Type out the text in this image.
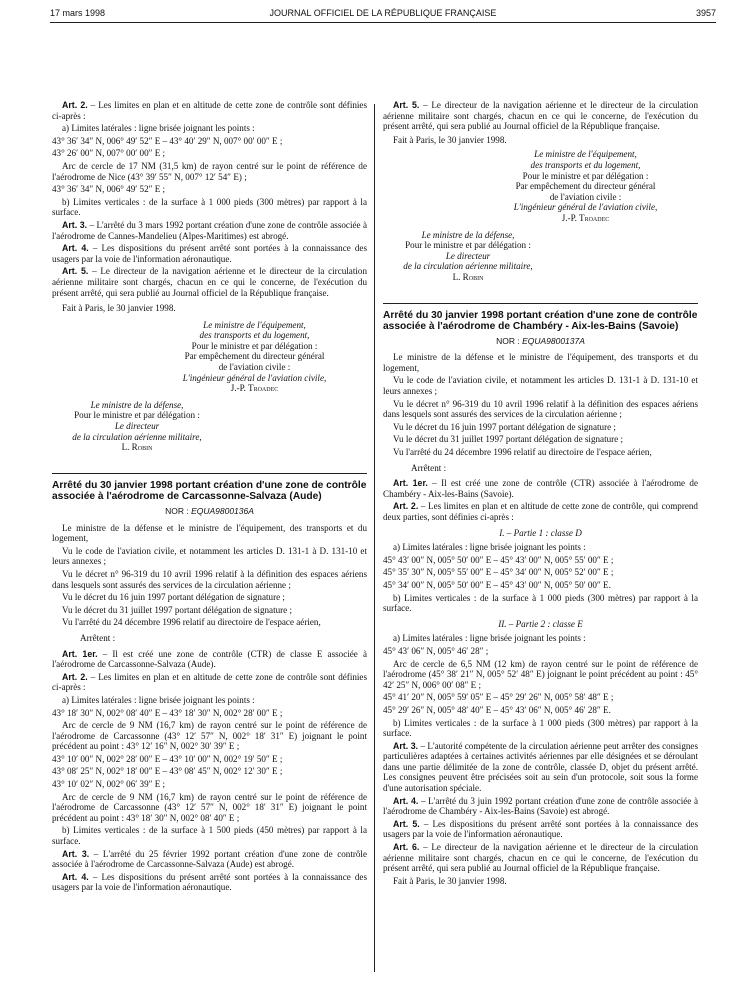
17 mars 1998	JOURNAL OFFICIEL DE LA RÉPUBLIQUE FRANÇAISE	3957

Art. 2. – Les limites en plan et en altitude de cette zone de contrôle sont définies ci-après :

a) Limites latérales : ligne brisée joignant les points :

43° 36′ 34″ N, 006° 49′ 52″ E – 43° 40′ 29″ N, 007° 00′ 00″ E ;

43° 26′ 00″ N, 007° 00′ 00″ E ;

Arc de cercle de 17 NM (31,5 km) de rayon centré sur le point de référence de l'aérodrome de Nice (43° 39′ 55″ N, 007° 12′ 54″ E) ;

43° 36′ 34″ N, 006° 49′ 52″ E ;

b) Limites verticales : de la surface à 1 000 pieds (300 mètres) par rapport à la surface.

Art. 3. – L'arrêté du 3 mars 1992 portant création d'une zone de contrôle associée à l'aérodrome de Cannes-Mandelieu (Alpes-Maritimes) est abrogé.

Art. 4. – Les dispositions du présent arrêté sont portées à la connaissance des usagers par la voie de l'information aéronautique.

Art. 5. – Le directeur de la navigation aérienne et le directeur de la circulation aérienne militaire sont chargés, chacun en ce qui le concerne, de l'exécution du présent arrêté, qui sera publié au Journal officiel de la République française.

Fait à Paris, le 30 janvier 1998.

Le ministre de l'équipement,
des transports et du logement,
Pour le ministre et par délégation :
Par empêchement du directeur général
de l'aviation civile :
L'ingénieur général de l'aviation civile,
J.-P. Troadec
Le ministre de la défense,
Pour le ministre et par délégation :
Le directeur
de la circulation aérienne militaire,
L. Robin
Arrêté du 30 janvier 1998 portant création d'une zone de contrôle associée à l'aérodrome de Carcassonne-Salvaza (Aude)
NOR : EQUA9800136A

Le ministre de la défense et le ministre de l'équipement, des transports et du logement,

Vu le code de l'aviation civile, et notamment les articles D. 131-1 à D. 131-10 et leurs annexes ;

Vu le décret n° 96-319 du 10 avril 1996 relatif à la définition des espaces aériens dans lesquels sont assurés des services de la circulation aérienne ;

Vu le décret du 16 juin 1997 portant délégation de signature ;

Vu le décret du 31 juillet 1997 portant délégation de signature ;

Vu l'arrêté du 24 décembre 1996 relatif au directoire de l'espace aérien,

Arrêtent :

Art. 1er. – Il est créé une zone de contrôle (CTR) de classe E associée à l'aérodrome de Carcassonne-Salvaza (Aude).

Art. 2. – Les limites en plan et en altitude de cette zone de contrôle sont définies ci-après :

a) Limites latérales : ligne brisée joignant les points :

43° 18′ 30″ N, 002° 08′ 40″ E – 43° 18′ 30″ N, 002° 28′ 00″ E ;

Arc de cercle de 9 NM (16,7 km) de rayon centré sur le point de référence de l'aérodrome de Carcassonne (43° 12′ 57″ N, 002° 18′ 31″ E) joignant le point précédent au point : 43° 12′ 16″ N, 002° 30′ 39″ E ;

43° 10′ 00″ N, 002° 28′ 00″ E – 43° 10′ 00″ N, 002° 19′ 50″ E ;

43° 08′ 25″ N, 002° 18′ 00″ E – 43° 08′ 45″ N, 002° 12′ 30″ E ;

43° 10′ 02″ N, 002° 06′ 39″ E ;

Arc de cercle de 9 NM (16,7 km) de rayon centré sur le point de référence de l'aérodrome de Carcassonne (43° 12′ 57″ N, 002° 18′ 31″ E) joignant le point précédent au point : 43° 18′ 30″ N, 002° 08′ 40″ E ;

b) Limites verticales : de la surface à 1 500 pieds (450 mètres) par rapport à la surface.

Art. 3. – L'arrêté du 25 février 1992 portant création d'une zone de contrôle associée à l'aérodrome de Carcassonne-Salvaza (Aude) est abrogé.

Art. 4. – Les dispositions du présent arrêté sont portées à la connaissance des usagers par la voie de l'information aéronautique.

Art. 5. – Le directeur de la navigation aérienne et le directeur de la circulation aérienne militaire sont chargés, chacun en ce qui le concerne, de l'exécution du présent arrêté, qui sera publié au Journal officiel de la République française.

Fait à Paris, le 30 janvier 1998.

Le ministre de l'équipement,
des transports et du logement,
Pour le ministre et par délégation :
Par empêchement du directeur général
de l'aviation civile :
L'ingénieur général de l'aviation civile,
J.-P. Troadec
Le ministre de la défense,
Pour le ministre et par délégation :
Le directeur
de la circulation aérienne militaire,
L. Robin
Arrêté du 30 janvier 1998 portant création d'une zone de contrôle associée à l'aérodrome de Chambéry - Aix-les-Bains (Savoie)
NOR : EQUA9800137A

Le ministre de la défense et le ministre de l'équipement, des transports et du logement,

Vu le code de l'aviation civile, et notamment les articles D. 131-1 à D. 131-10 et leurs annexes ;

Vu le décret n° 96-319 du 10 avril 1996 relatif à la définition des espaces aériens dans lesquels sont assurés des services de la circulation aérienne ;

Vu le décret du 16 juin 1997 portant délégation de signature ;

Vu le décret du 31 juillet 1997 portant délégation de signature ;

Vu l'arrêté du 24 décembre 1996 relatif au directoire de l'espace aérien,

Arrêtent :

Art. 1er. – Il est créé une zone de contrôle (CTR) associée à l'aérodrome de Chambéry - Aix-les-Bains (Savoie).

Art. 2. – Les limites en plan et en altitude de cette zone de contrôle, qui comprend deux parties, sont définies ci-après :

I. – Partie 1 : classe D

a) Limites latérales : ligne brisée joignant les points :

45° 43′ 00″ N, 005° 50′ 00″ E – 45° 43′ 00″ N, 005° 55′ 00″ E ;

45° 35′ 30″ N, 005° 55′ 00″ E – 45° 34′ 00″ N, 005° 52′ 00″ E ;

45° 34′ 00″ N, 005° 50′ 00″ E – 45° 43′ 00″ N, 005° 50′ 00″ E.

b) Limites verticales : de la surface à 1 000 pieds (300 mètres) par rapport à la surface.

II. – Partie 2 : classe E

a) Limites latérales : ligne brisée joignant les points :

45° 43′ 06″ N, 005° 46′ 28″ ;

Arc de cercle de 6,5 NM (12 km) de rayon centré sur le point de référence de l'aérodrome (45° 38′ 21″ N, 005° 52′ 48″ E) joignant le point précédent au point : 45° 42′ 25″ N, 006° 00′ 08″ E ;

45° 41′ 20″ N, 005° 59′ 05″ E – 45° 29′ 26″ N, 005° 58′ 48″ E ;

45° 29′ 26″ N, 005° 48′ 40″ E – 45° 43′ 06″ N, 005° 46′ 28″ E.

b) Limites verticales : de la surface à 1 000 pieds (300 mètres) par rapport à la surface.

Art. 3. – L'autorité compétente de la circulation aérienne peut arrêter des consignes particulières adaptées à certaines activités aériennes par elle désignées et se déroulant dans une partie délimitée de la zone de contrôle, classée D, objet du présent arrêté. Les consignes peuvent être précisées soit au sein d'un protocole, soit sous la forme d'une autorisation spéciale.

Art. 4. – L'arrêté du 3 juin 1992 portant création d'une zone de contrôle associée à l'aérodrome de Chambéry - Aix-les-Bains (Savoie) est abrogé.

Art. 5. – Les dispositions du présent arrêté sont portées à la connaissance des usagers par la voie de l'information aéronautique.

Art. 6. – Le directeur de la navigation aérienne et le directeur de la circulation aérienne militaire sont chargés, chacun en ce qui le concerne, de l'exécution du présent arrêté, qui sera publié au Journal officiel de la République française.

Fait à Paris, le 30 janvier 1998.
